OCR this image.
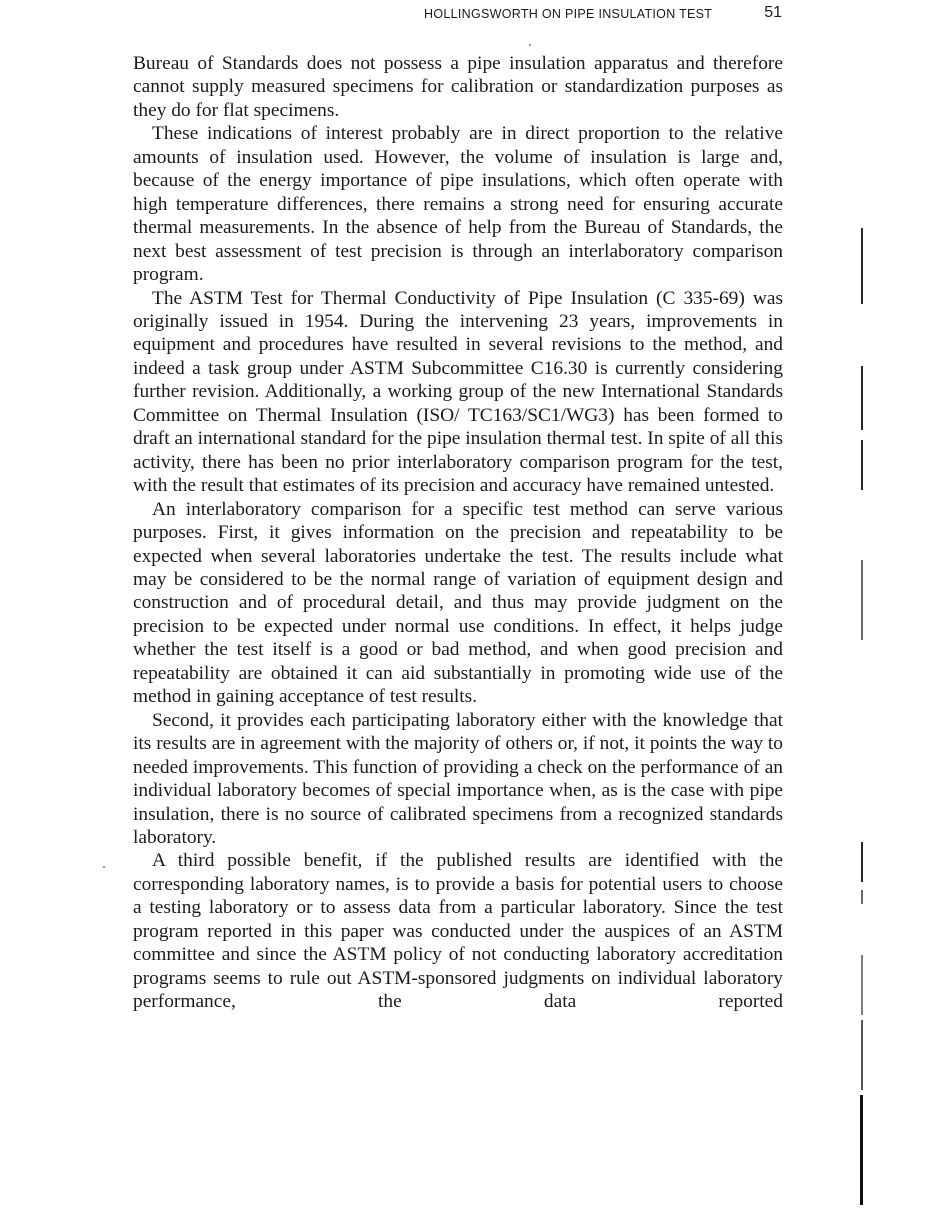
HOLLINGSWORTH ON PIPE INSULATION TEST	51

Bureau of Standards does not possess a pipe insulation apparatus and therefore cannot supply measured specimens for calibration or standardization purposes as they do for flat specimens.

These indications of interest probably are in direct proportion to the relative amounts of insulation used. However, the volume of insulation is large and, because of the energy importance of pipe insulations, which often operate with high temperature differences, there remains a strong need for ensuring accurate thermal measurements. In the absence of help from the Bureau of Standards, the next best assessment of test precision is through an interlaboratory comparison program.

The ASTM Test for Thermal Conductivity of Pipe Insulation (C 335-69) was originally issued in 1954. During the intervening 23 years, improvements in equipment and procedures have resulted in several revisions to the method, and indeed a task group under ASTM Subcommittee C16.30 is currently considering further revision. Additionally, a working group of the new International Standards Committee on Thermal Insulation (ISO/ TC163/SC1/WG3) has been formed to draft an international standard for the pipe insulation thermal test. In spite of all this activity, there has been no prior interlaboratory comparison program for the test, with the result that estimates of its precision and accuracy have remained untested.

An interlaboratory comparison for a specific test method can serve various purposes. First, it gives information on the precision and repeatability to be expected when several laboratories undertake the test. The results include what may be considered to be the normal range of variation of equipment design and construction and of procedural detail, and thus may provide judgment on the precision to be expected under normal use conditions. In effect, it helps judge whether the test itself is a good or bad method, and when good precision and repeatability are obtained it can aid substantially in promoting wide use of the method in gaining acceptance of test results.

Second, it provides each participating laboratory either with the knowledge that its results are in agreement with the majority of others or, if not, it points the way to needed improvements. This function of providing a check on the performance of an individual laboratory becomes of special importance when, as is the case with pipe insulation, there is no source of calibrated specimens from a recognized standards laboratory.

A third possible benefit, if the published results are identified with the corresponding laboratory names, is to provide a basis for potential users to choose a testing laboratory or to assess data from a particular laboratory. Since the test program reported in this paper was conducted under the auspices of an ASTM committee and since the ASTM policy of not conducting laboratory accreditation programs seems to rule out ASTM-sponsored judgments on individual laboratory performance, the data reported
